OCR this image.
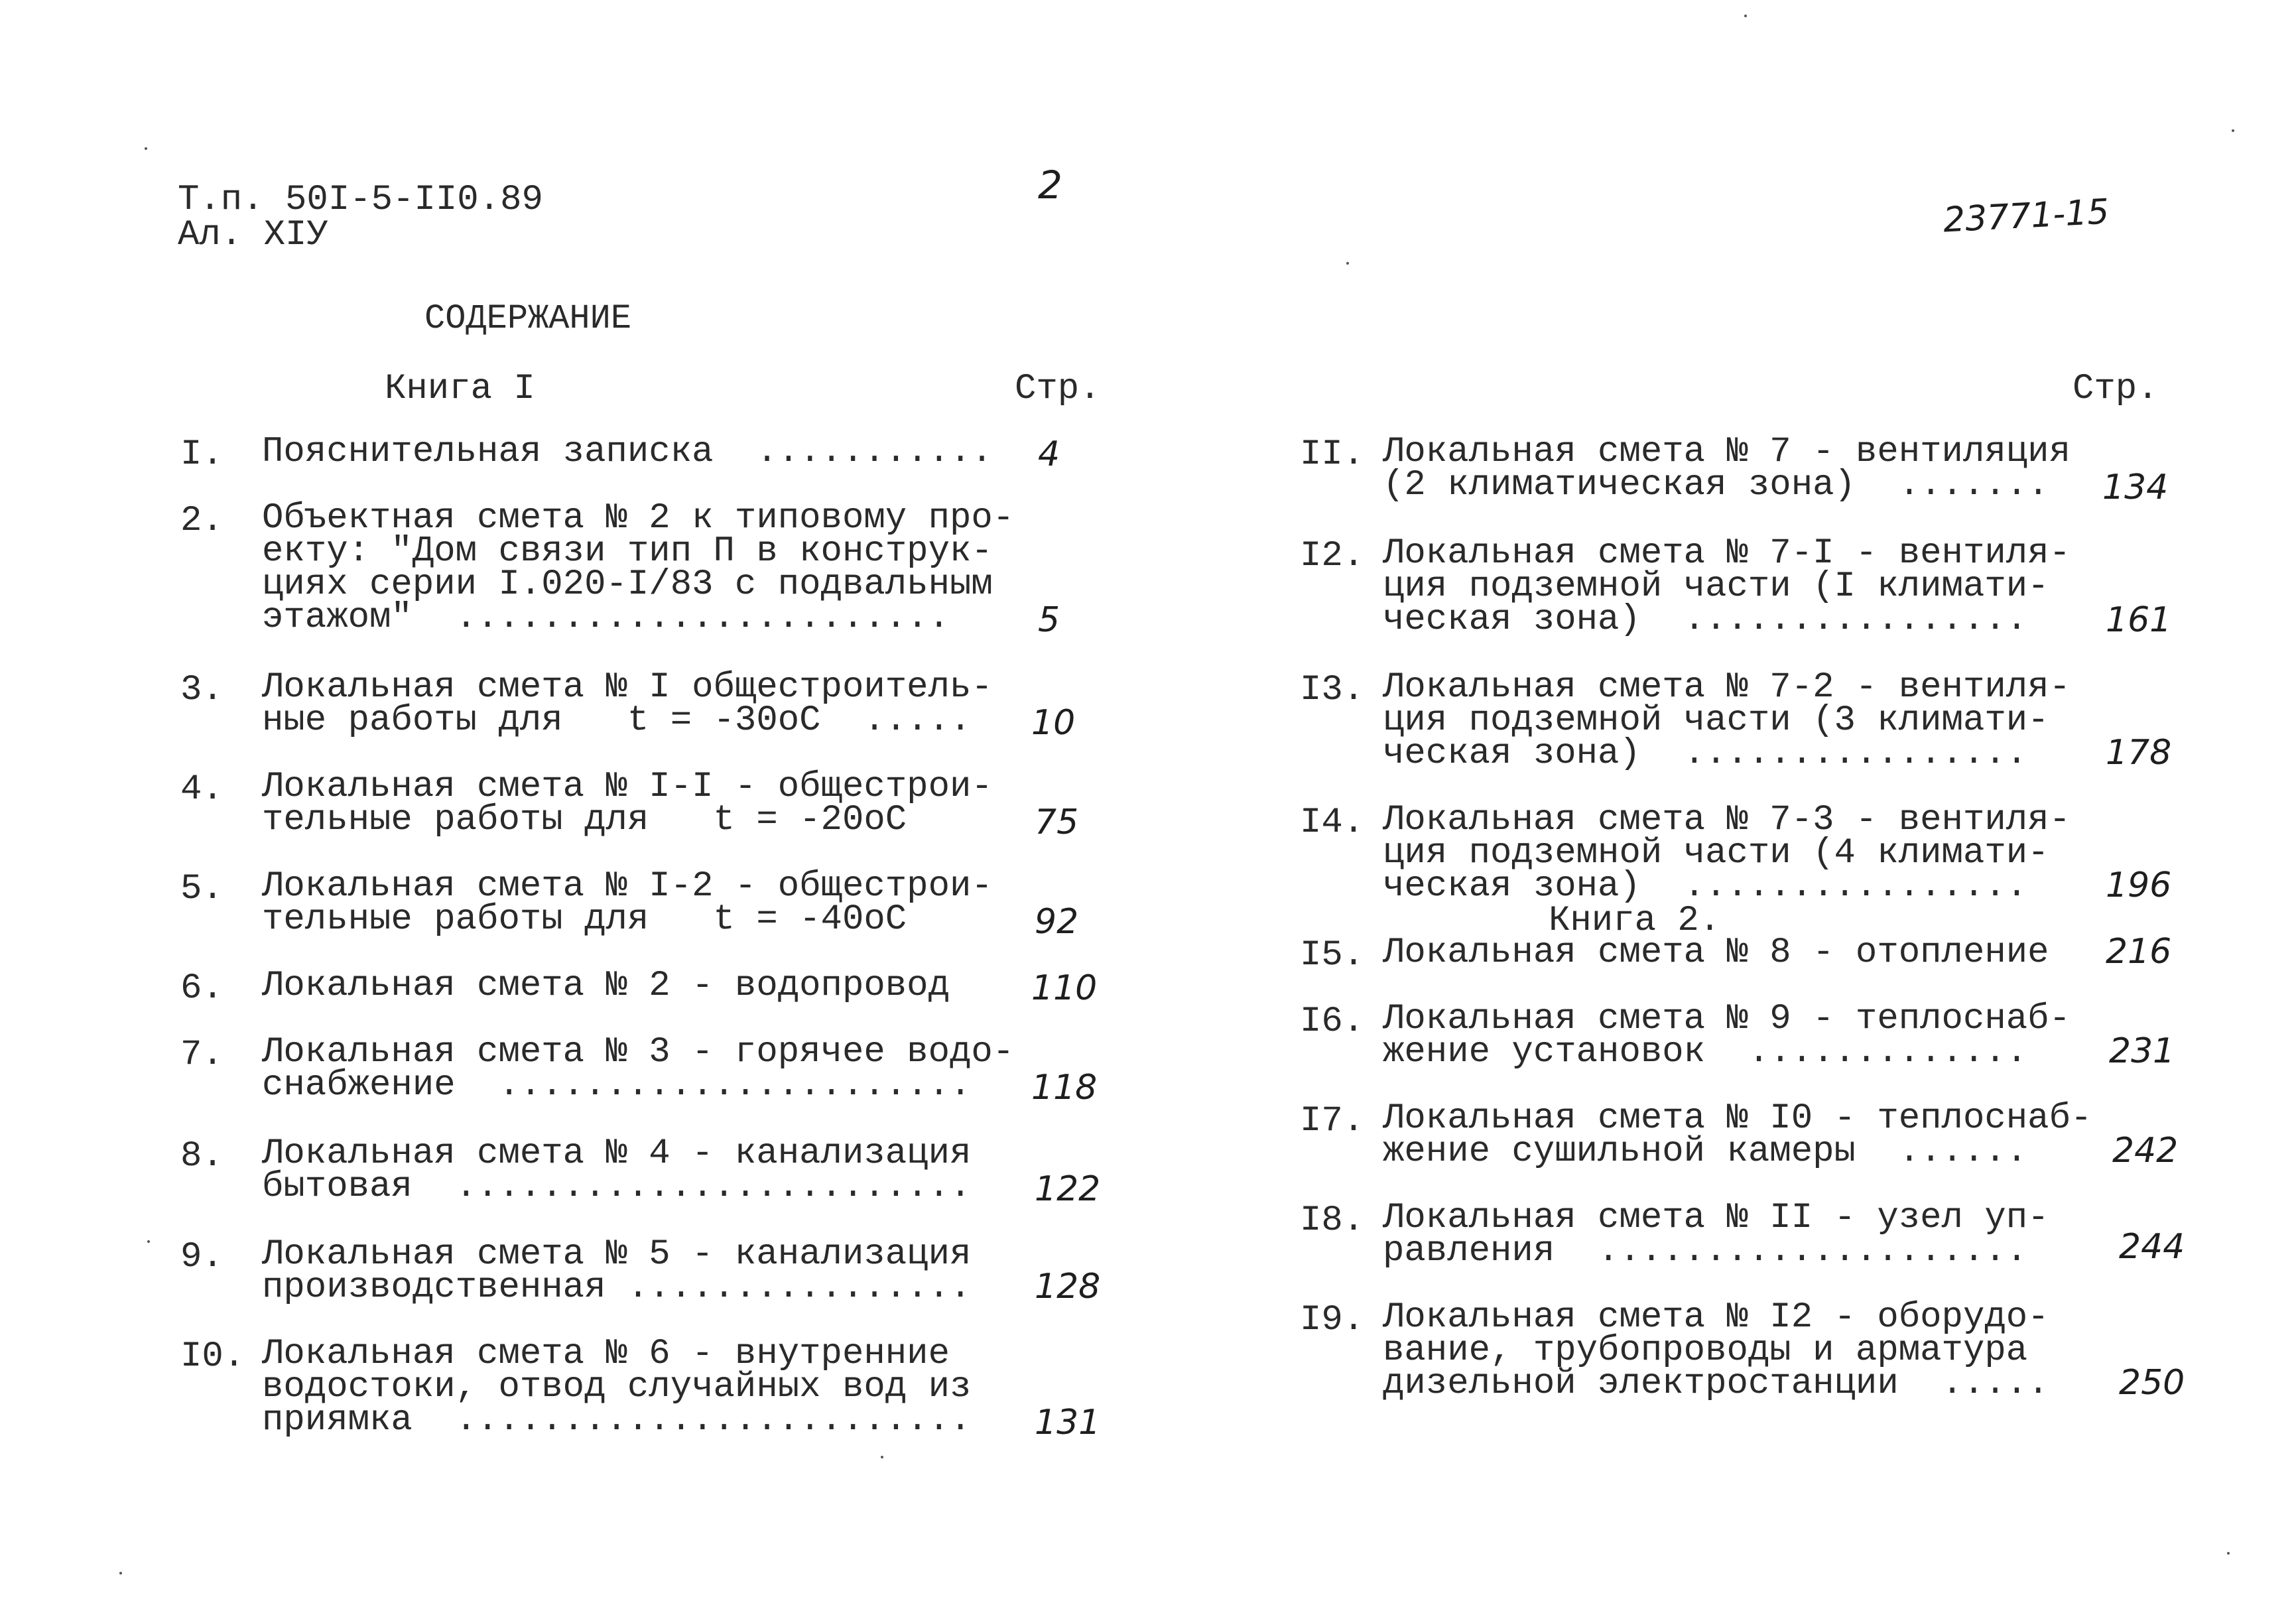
Т.п. 50I-5-II0.89
Ал. XIУ
2
23771-15
СОДЕРЖАНИЕ
Книга I	Стр.	Стр.
I. Пояснительная записка  ........... 4
2. Объектная смета № 2 к типовому про-
екту: "Дом связи тип П в конструк-
циях серии I.020-I/83 с подвальным
этажом"  .......................	5
3. Локальная смета № I общестроитель-
ные работы для   t = -30oC  ..... 10
4. Локальная смета № I-I - общестрои-
тельные работы для   t = -20oC	75
5. Локальная смета № I-2 - общестрои-
тельные работы для   t = -40oC	92
6. Локальная смета № 2 - водопровод 110
7. Локальная смета № 3 - горячее водо-
снабжение  ...................... 118
8. Локальная смета № 4 - канализация
бытовая  ........................ 122
9. Локальная смета № 5 - канализация
производственная ................ 128
I0. Локальная смета № 6 - внутренние
водостоки, отвод случайных вод из
приямка  ........................ 131
II. Локальная смета № 7 - вентиляция
(2 климатическая зона)  ....... 134
I2. Локальная смета № 7-I - вентиля-
ция подземной части (I климати-
ческая зона)  ................ 161
I3. Локальная смета № 7-2 - вентиля-
ция подземной части (3 климати-
ческая зона)  ................ 178
I4. Локальная смета № 7-3 - вентиля-
ция подземной части (4 климати-
ческая зона)  ................ 196
Книга 2.
I5. Локальная смета № 8 - отопление 216
I6. Локальная смета № 9 - теплоснаб-
жение установок  ............. 231
I7. Локальная смета № I0 - теплоснаб-
жение сушильной камеры  ...... 242
I8. Локальная смета № II - узел уп-
равления  ....................	244
I9. Локальная смета № I2 - оборудо-
вание, трубопроводы и арматура
дизельной электростанции  ..... 250
